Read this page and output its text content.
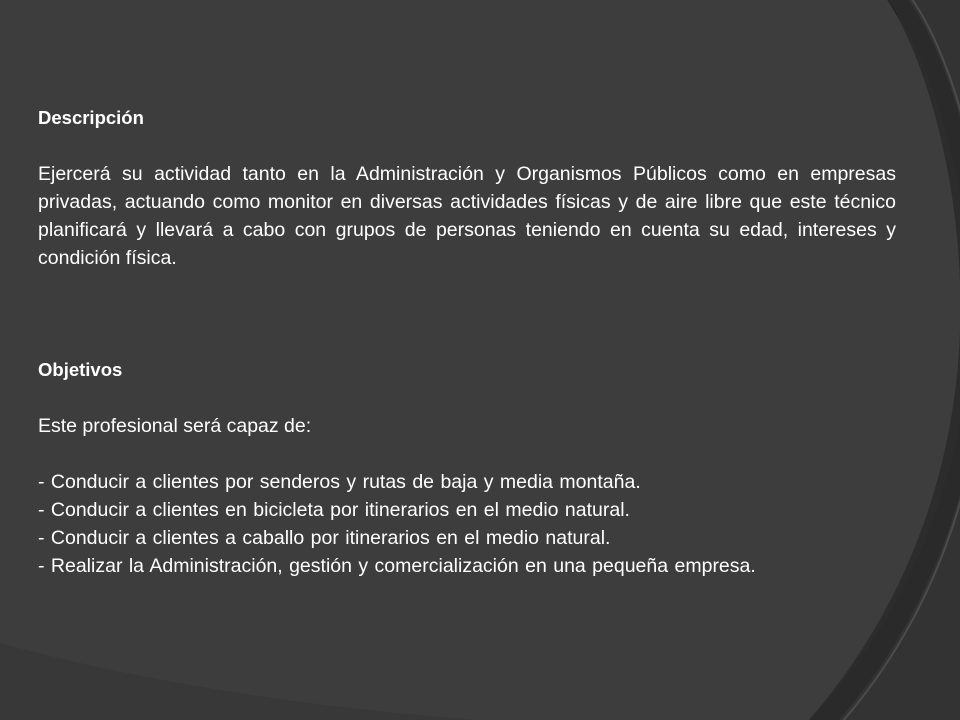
Descripción

Ejercerá su actividad tanto en la Administración y Organismos Públicos como en empresas privadas, actuando como monitor en diversas actividades físicas y de aire libre que este técnico planificará y llevará a cabo con grupos de personas teniendo en cuenta su edad, intereses y condición física.

Objetivos

Este profesional será capaz de:

- Conducir a clientes por senderos y rutas de baja y media montaña.
- Conducir a clientes en bicicleta por itinerarios en el medio natural.
- Conducir a clientes a caballo por itinerarios en el medio natural.
- Realizar la Administración, gestión y comercialización en una pequeña empresa.
